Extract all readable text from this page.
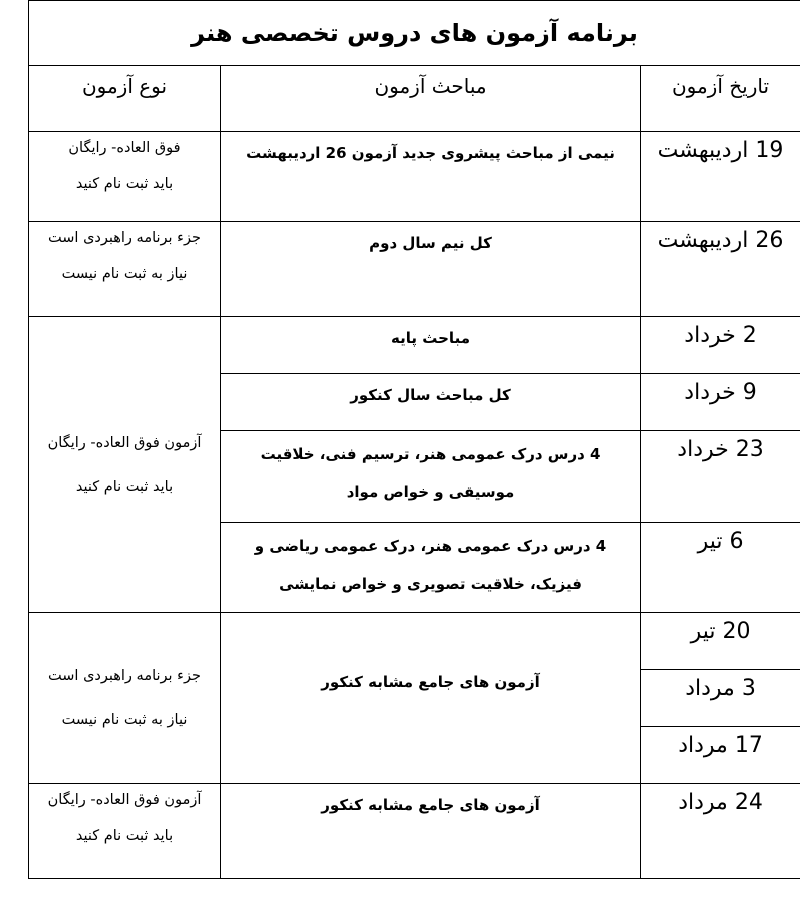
برنامه آزمون های دروس تخصصی هنر		
تاریخ آزمون	مباحث آزمون	نوع آزمون
19 اردیبهشت	نیمی از مباحث پیشروی جدید آزمون 26 اردیبهشت	فوق العاده- رایگان
باید ثبت نام کنید

26 اردیبهشت	کل نیم سال دوم	جزء برنامه راهبردی است
نیاز به ثبت نام نیست

2 خرداد	مباحث پایه	آزمون فوق العاده- رایگان
باید ثبت نام کنید

9 خرداد	کل مباحث سال کنکور	
23 خرداد	4 درس درک عمومی هنر، ترسیم فنی، خلاقیت موسیقی و خواص مواد	
6 تیر	4 درس درک عمومی هنر، درک عمومی ریاضی و فیزیک، خلاقیت تصویری و خواص نمایشی	
20 تیر	آزمون های جامع مشابه کنکور	جزء برنامه راهبردی است
نیاز به ثبت نام نیست

3 مرداد		
17 مرداد		
24 مرداد	آزمون های جامع مشابه کنکور	آزمون فوق العاده- رایگان
باید ثبت نام کنید
